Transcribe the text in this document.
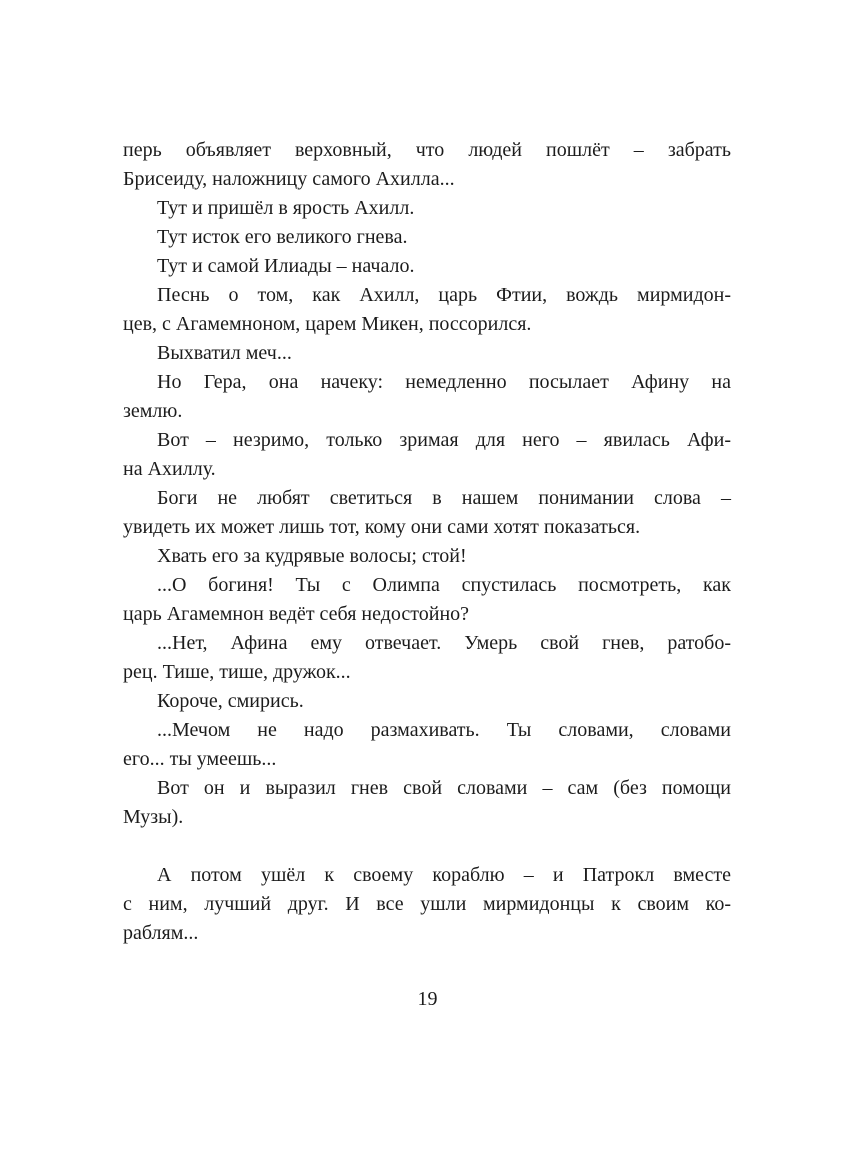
перь объявляет верховный, что людей пошлёт – забрать
Брисеиду, наложницу самого Ахилла...
Тут и пришёл в ярость Ахилл.
Тут исток его великого гнева.
Тут и самой Илиады – начало.
Песнь о том, как Ахилл, царь Фтии, вождь мирмидон-
цев, с Агамемноном, царем Микен, поссорился.
Выхватил меч...
Но Гера, она начеку: немедленно посылает Афину на
землю.
Вот – незримо, только зримая для него – явилась Афи-
на Ахиллу.
Боги не любят светиться в нашем понимании слова –
увидеть их может лишь тот, кому они сами хотят показаться.
Хвать его за кудрявые волосы; стой!
...О богиня! Ты с Олимпа спустилась посмотреть, как
царь Агамемнон ведёт себя недостойно?
...Нет, Афина ему отвечает. Умерь свой гнев, ратобо-
рец. Тише, тише, дружок...
Короче, смирись.
...Мечом не надо размахивать. Ты словами, словами
его... ты умеешь...
Вот он и выразил гнев свой словами – сам (без помощи
Музы).
А потом ушёл к своему кораблю – и Патрокл вместе
с ним, лучший друг. И все ушли мирмидонцы к своим ко-
раблям...
19
